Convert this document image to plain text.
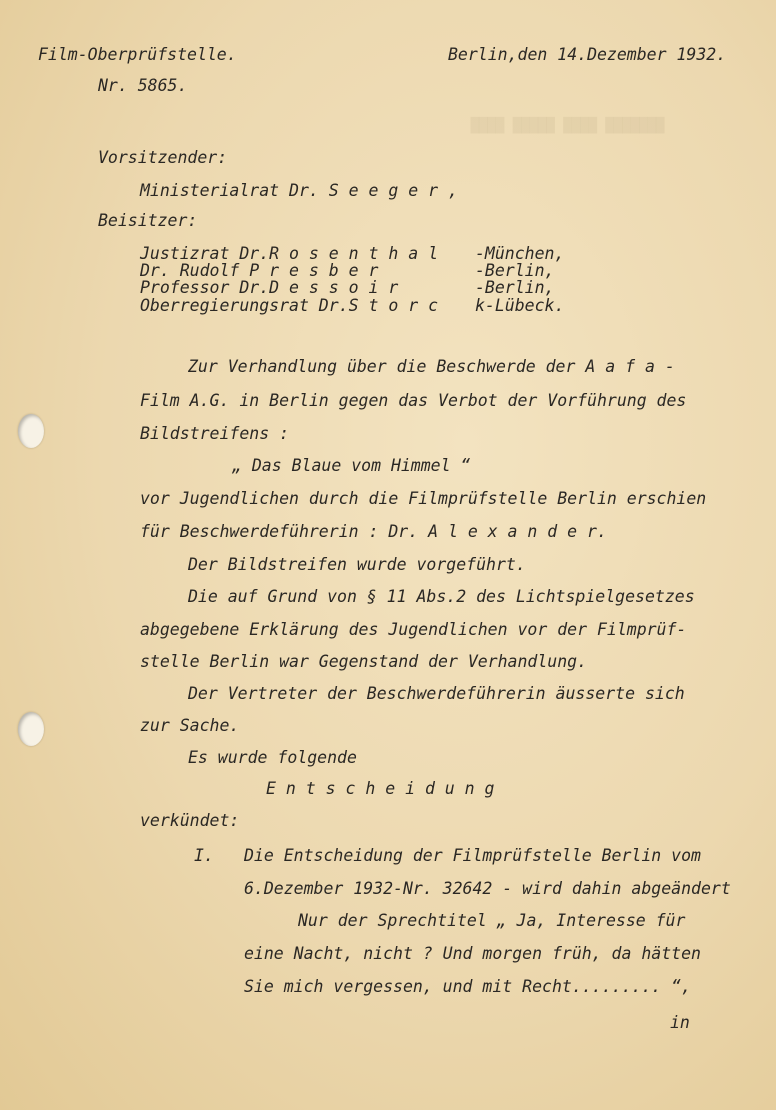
████ █████ ████ ███████
Film-Oberprüfstelle.	Berlin,den 14.Dezember 1932.
Nr. 5865.
Vorsitzender:
Ministerialrat Dr. S e e g e r ,
Beisitzer:
Justizrat Dr.R o s e n t h a l -München,
Dr. Rudolf P r e s b e r	-Berlin,
Professor Dr.D e s s o i r	-Berlin,
Oberregierungsrat Dr.S t o r c k-Lübeck.
Zur Verhandlung über die Beschwerde der A a f a -
Film A.G. in Berlin gegen das Verbot der Vorführung des
Bildstreifens :
„ Das Blaue vom Himmel “
vor Jugendlichen durch die Filmprüfstelle Berlin erschien
für Beschwerdeführerin : Dr. A l e x a n d e r.
Der Bildstreifen wurde vorgeführt.
Die auf Grund von § 11 Abs.2 des Lichtspielgesetzes
abgegebene Erklärung des Jugendlichen vor der Filmprüf-
stelle Berlin war Gegenstand der Verhandlung.
Der Vertreter der Beschwerdeführerin äusserte sich
zur Sache.
Es wurde folgende
E n t s c h e i d u n g
verkündet:
I. Die Entscheidung der Filmprüfstelle Berlin vom
6.Dezember 1932-Nr. 32642 - wird dahin abgeändert
Nur der Sprechtitel „ Ja, Interesse für
eine Nacht, nicht ? Und morgen früh, da hätten
Sie mich vergessen, und mit Recht......... “,
in
